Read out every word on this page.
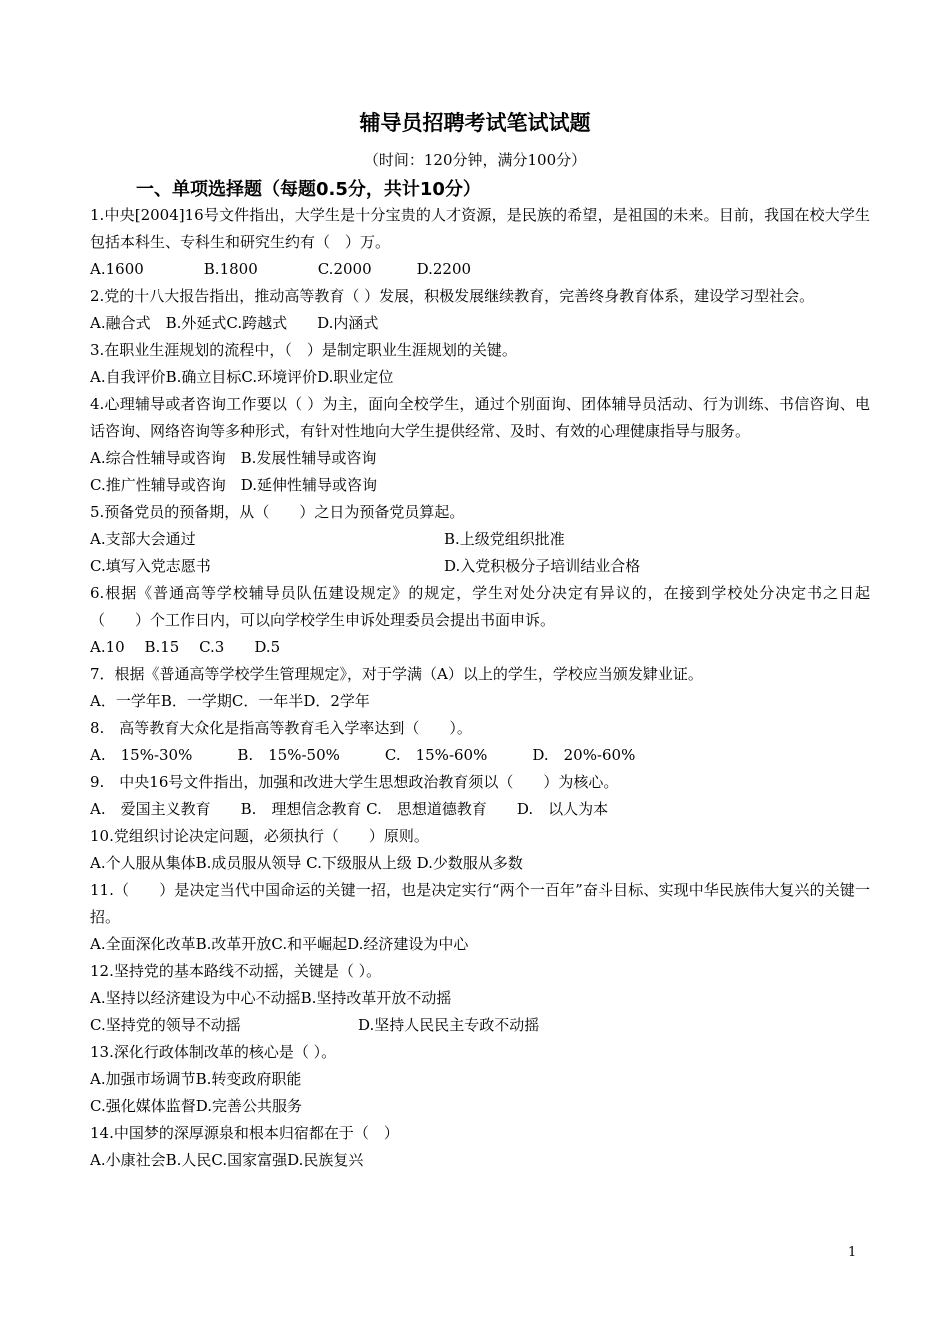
辅导员招聘考试笔试试题
（时间：120分钟，满分100分）
一、单项选择题（每题0.5分，共计10分）
1.中央[2004]16号文件指出，大学生是十分宝贵的人才资源，是民族的希望，是祖国的未来。目前，我国在校大学生包括本科生、专科生和研究生约有（　）万。
A.1600　　　　B.1800　　　　C.2000　　　D.2200
2.党的十八大报告指出，推动高等教育（ ）发展，积极发展继续教育，完善终身教育体系，建设学习型社会。
A.融合式　B.外延式C.跨越式　　D.内涵式
3.在职业生涯规划的流程中，（　）是制定职业生涯规划的关键。
A.自我评价B.确立目标C.环境评价D.职业定位
4.心理辅导或者咨询工作要以（ ）为主，面向全校学生，通过个别面询、团体辅导员活动、行为训练、书信咨询、电话咨询、网络咨询等多种形式，有针对性地向大学生提供经常、及时、有效的心理健康指导与服务。
A.综合性辅导或咨询　B.发展性辅导或咨询
C.推广性辅导或咨询　D.延伸性辅导或咨询
5.预备党员的预备期，从（　　）之日为预备党员算起。
A.支部大会通过	B.上级党组织批准
C.填写入党志愿书	D.入党积极分子培训结业合格
6.根据《普通高等学校辅导员队伍建设规定》的规定，学生对处分决定有异议的，在接到学校处分决定书之日起（　　）个工作日内，可以向学校学生申诉处理委员会提出书面申诉。
A.10　 B.15　 C.3　　D.5
7．根据《普通高等学校学生管理规定》，对于学满（A）以上的学生，学校应当颁发肄业证。
A．一学年B．一学期C．一年半D．2学年
8.　高等教育大众化是指高等教育毛入学率达到（　　）。
A.　15%-30%　　　B.　15%-50%　　　C.　15%-60%　　　D.　20%-60%
9.　中央16号文件指出，加强和改进大学生思想政治教育须以（　　）为核心。
A.　爱国主义教育　　B.　理想信念教育 C.　思想道德教育　　D.　以人为本
10.党组织讨论决定问题，必须执行（　　）原则。
A.个人服从集体B.成员服从领导 C.下级服从上级 D.少数服从多数
11.（　　）是决定当代中国命运的关键一招，也是决定实行“两个一百年”奋斗目标、实现中华民族伟大复兴的关键一招。
A.全面深化改革B.改革开放C.和平崛起D.经济建设为中心
12.坚持党的基本路线不动摇，关键是（ ）。
A.坚持以经济建设为中心不动摇B.坚持改革开放不动摇
C.坚持党的领导不动摇	D.坚持人民民主专政不动摇
13.深化行政体制改革的核心是（ ）。
A.加强市场调节B.转变政府职能
C.强化媒体监督D.完善公共服务
14.中国梦的深厚源泉和根本归宿都在于（　）
A.小康社会B.人民C.国家富强D.民族复兴
1
